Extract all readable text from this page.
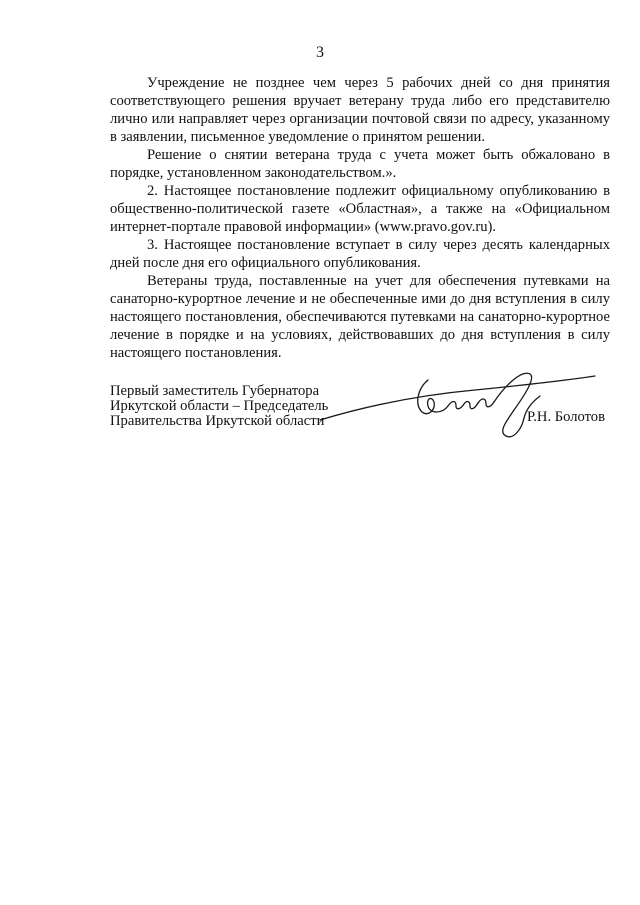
3

Учреждение не позднее чем через 5 рабочих дней со дня принятия соответствующего решения вручает ветерану труда либо его представителю лично или направляет через организации почтовой связи по адресу, указанному в заявлении, письменное уведомление о принятом решении.

Решение о снятии ветерана труда с учета может быть обжаловано в порядке, установленном законодательством.».

2. Настоящее постановление подлежит официальному опубликованию в общественно-политической газете «Областная», а также на «Официальном интернет-портале правовой информации» (www.pravo.gov.ru).

3. Настоящее постановление вступает в силу через десять календарных дней после дня его официального опубликования.

Ветераны труда, поставленные на учет для обеспечения путевками на санаторно-курортное лечение и не обеспеченные ими до дня вступления в силу настоящего постановления, обеспечиваются путевками на санаторно-курортное лечение в порядке и на условиях, действовавших до дня вступления в силу настоящего постановления.

Первый заместитель Губернатора
Иркутской области – Председатель
Правительства Иркутской области	Р.Н. Болотов
